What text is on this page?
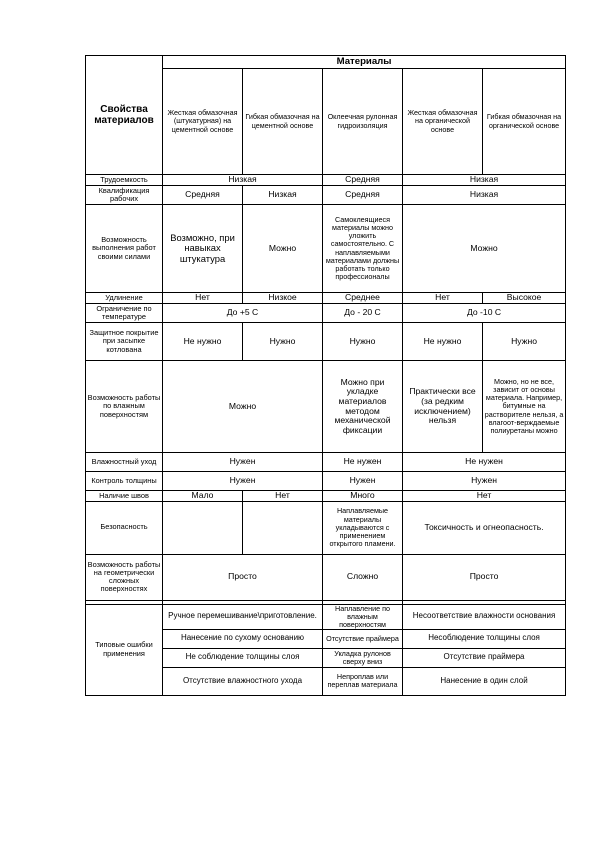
Свойства материалов	Материалы				
	Жесткая обмазочная (штукатурная) на цементной основе	Гибкая обмазочная на цементной основе	Оклеечная рулонная гидроизоляция	Жесткая обмазочная на органической основе	Гибкая обмазочная на органической основе
Трудоемкость	Низкая		Средняя	Низкая	
Квалификация рабочих	Средняя	Низкая	Средняя	Низкая	
Возможность выполнения работ своими силами	Возможно, при навыках штукатура	Можно	Самоклеящиеся материалы можно уложить самостоятельно. С наплавляемыми материалами должны работать только профессионалы	Можно	
Удлинение	Нет	Низкое	Среднее	Нет	Высокое
Ограничение по температуре	До +5 С		До - 20 С	До -10 С	
Защитное покрытие при засыпке котлована	Не нужно	Нужно	Нужно	Не нужно	Нужно
Возможность работы по влажным поверхностям	Можно		Можно при укладке материалов методом механической фиксации	Практически все (за редким исключением) нельзя	Можно, но не все, зависит от основы материала. Например, битумные на растворителе нельзя, а влагоот-верждаемые полиуретаны можно
Влажностный уход	Нужен		Не нужен	Не нужен	
Контроль толщины	Нужен		Нужен	Нужен	
Наличие швов	Мало	Нет	Много	Нет	
Безопасность			Наплавляемые материалы укладываются с применением открытого пламени.	Токсичность и огнеопасность.	
Возможность работы на геометрически сложных поверхностях	Просто		Сложно	Просто	

Типовые ошибки применения	Ручное перемешивание\приготовление.		Наплавление по влажным поверхностям	Несоответствие влажности основания	
	Нанесение по сухому основанию		Отсутствие праймера	Несоблюдение толщины слоя	
	Не соблюдение толщины слоя		Укладка рулонов сверху вниз	Отсутствие праймера	
	Отсутствие влажностного ухода		Непроплав или переплав материала	Нанесение в один слой	
